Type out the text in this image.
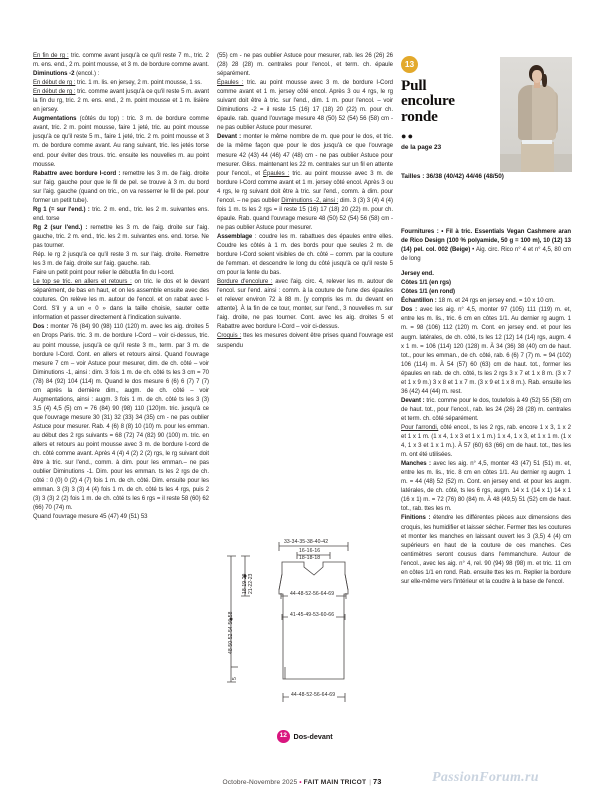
En fin de rg : tric. comme avant jusqu'à ce qu'il reste 7 m., tric. 2 m. ens. end., 2 m. point mousse, et 3 m. de bordure comme avant.

Diminutions -2 (encol.) :

En début de rg : tric. 1 m. lis. en jersey, 2 m. point mousse, 1 ss.

En début de rg : tric. comme avant jusqu'à ce qu'il reste 5 m. avant la fin du rg, tric. 2 m. ens. end., 2 m. point mousse et 1 m. lisière en jersey.

Augmentations (côtés du top) : tric. 3 m. de bordure comme avant, tric. 2 m. point mousse, faire 1 jeté, tric. au point mousse jusqu'à ce qu'il reste 5 m., faire 1 jeté, tric. 2 m. point mousse et 3 m. de bordure comme avant. Au rang suivant, tric. les jetés torse end. pour éviter des trous. tric. ensuite les nouvelles m. au point mousse.

Rabattre avec bordure I-cord : remettre les 3 m. de l'aig. droite sur l'aig. gauche pour que le fil de pel. se trouve à 3 m. du bord sur l'aig. gauche (quand on tric., on va resserrer le fil de pel. pour former un petit tube).

Rg 1 (= sur l'end.) : tric. 2 m. end., tric. les 2 m. suivantes ens. end. torse

Rg 2 (sur l'end.) : remettre les 3 m. de l'aig. droite sur l'aig. gauche, tric. 2 m. end., tric. les 2 m. suivantes ens. end. torse. Ne pas tourner.

Rép. le rg 2 jusqu'à ce qu'il reste 3 m. sur l'aig. droite. Remettre les 3 m. de l'aig. droite sur l'aig. gauche. rab.

Faire un petit point pour relier le début/la fin du I-cord.

Le top se tric. en allers et retours : on tric. le dos et le devant séparément, de bas en haut, et on les assemble ensuite avec des coutures. On relève les m. autour de l'encol. et on rabat avec I-Cord. S'il y a un « 0 » dans la taille choisie, sauter cette information et passer directement à l'indication suivante.

Dos : monter 76 (84) 90 (98) 110 (120) m. avec les aig. droites 5 en Drops Paris. tric. 3 m. de bordure I-Cord – voir ci-dessus, tric. au point mousse, jusqu'à ce qu'il reste 3 m., term. par 3 m. de bordure I-Cord. Cont. en allers et retours ainsi. Quand l'ouvrage mesure 7 cm – voir Astuce pour mesurer, dim. de ch. côté – voir Diminutions -1, ainsi : dim. 3 fois 1 m. de ch. côté ts les 3 cm = 70 (78) 84 (92) 104 (114) m. Quand le dos mesure 6 (6) 6 (7) 7 (7) cm après la dernière dim., augm. de ch. côté – voir Augmentations, ainsi : augm. 3 fois 1 m. de ch. côté ts les 3 (3) 3,5 (4) 4,5 (5) cm = 76 (84) 90 (98) 110 (120)m. tric. jusqu'à ce que l'ouvrage mesure 30 (31) 32 (33) 34 (35) cm - ne pas oublier Astuce pour mesurer. Rab. 4 (6) 8 (8) 10 (10) m. pour les emman. au début des 2 rgs suivants = 68 (72) 74 (82) 90 (100) m. tric. en allers et retours au point mousse avec 3 m. de bordure I-cord de ch. côté comme avant. Après 4 (4) 4 (2) 2 (2) rgs, le rg suivant doit être à tric. sur l'end., comm. à dim. pour les emman.– ne pas oublier Diminutions -1. Dim. pour les emman. ts les 2 rgs de ch. côté : 0 (0) 0 (2) 4 (7) fois 1 m. de ch. côté. Dim. ensuite pour les emman. 3 (3) 3 (3) 4 (4) fois 1 m. de ch. côté ts les 4 rgs, puis 2 (3) 3 (3) 2 (2) fois 1 m. de ch. côté ts les 6 rgs = il reste 58 (60) 62 (66) 70 (74) m.

Quand l'ouvrage mesure 45 (47) 49 (51) 53

(55) cm - ne pas oublier Astuce pour mesurer, rab. les 26 (26) 26 (28) 28 (28) m. centrales pour l'encol., et term. ch. épaule séparément.

Épaules : tric. au point mousse avec 3 m. de bordure I-Cord comme avant et 1 m. jersey côté encol. Après 3 ou 4 rgs, le rg suivant doit être à tric. sur l'end., dim. 1 m. pour l'encol. – voir Diminutions -2 = il reste 15 (16) 17 (18) 20 (22) m. pour ch. épaule. rab. quand l'ouvrage mesure 48 (50) 52 (54) 56 (58) cm - ne pas oublier Astuce pour mesurer.

Devant : monter le même nombre de m. que pour le dos, et tric. de la même façon que pour le dos jusqu'à ce que l'ouvrage mesure 42 (43) 44 (46) 47 (48) cm - ne pas oublier Astuce pour mesurer. Gliss. maintenant les 22 m. centrales sur un fil en attente pour l'encol., et Épaules : tric. au point mousse avec 3 m. de bordure I-Cord comme avant et 1 m. jersey côté encol. Après 3 ou 4 rgs, le rg suivant doit être à tric. sur l'end., comm. à dim. pour l'encol. – ne pas oublier Diminutions -2, ainsi : dim. 3 (3) 3 (4) 4 (4) fois 1 m. ts les 2 rgs = il reste 15 (16) 17 (18) 20 (22) m. pour ch. épaule. Rab. quand l'ouvrage mesure 48 (50) 52 (54) 56 (58) cm - ne pas oublier Astuce pour mesurer.

Assemblage : coudre les m. rabattues des épaules entre elles. Coudre les côtés à 1 m. des bords pour que seules 2 m. de bordure I-Cord soient visibles de ch. côté – comm. par la couture de l'emman. et descendre le long du côté jusqu'à ce qu'il reste 5 cm pour la fente du bas.

Bordure d'encolure : avec l'aig. circ. 4, relever les m. autour de l'encol. sur l'end. ainsi : comm. à la couture de l'une des épaules et relever environ 72 à 88 m. [y compris les m. du devant en attente]. À la fin de ce tour, monter, sur l'end., 3 nouvelles m. sur l'aig. droite, ne pas tourner. Cont. avec les aig. droites 5 et Rabattre avec bordure I-Cord – voir ci-dessus.

Croquis : ttes les mesures doivent être prises quand l'ouvrage est suspendu

13
Pull
encolure
ronde
●●
de la page 23
Tailles : 36/38 (40/42) 44/46 (48/50)

Fournitures : • Fil à tric. Essentials Vegan Cashmere aran de Rico Design (100 % polyamide, 50 g = 100 m), 10 (12) 13 (14) pel. col. 002 (Beige) • Aig. circ. Rico n° 4 et n° 4,5, 80 cm de long

Jersey end.

Côtes 1/1 (en rgs)

Côtes 1/1 (en rond)

Échantillon : 18 m. et 24 rgs en jersey end. = 10 x 10 cm.

Dos : avec les aig. n° 4,5, monter 97 (105) 111 (119) m. et, entre les m. lis., tric. 6 cm en côtes 1/1. Au dernier rg augm. 1 m. = 98 (106) 112 (120) m. Cont. en jersey end. et pour les augm. latérales, de ch. côté, ts les 12 (12) 14 (14) rgs, augm. 4 x 1 m. = 106 (114) 120 (128) m. À 34 (36) 38 (40) cm de haut. tot., pour les emman., de ch. côté, rab. 6 (6) 7 (7) m. = 94 (102) 106 (114) m. À 54 (57) 60 (63) cm de haut. tot., former les épaules en rab. de ch. côté, ts les 2 rgs 3 x 7 et 1 x 8 m. (3 x 7 et 1 x 9 m.) 3 x 8 et 1 x 7 m. (3 x 9 et 1 x 8 m.). Rab. ensuite les 36 (42) 44 (44) m. rest.

Devant : tric. comme pour le dos, toutefois à 49 (52) 55 (58) cm de haut. tot., pour l'encol., rab. les 24 (26) 28 (28) m. centrales et term. ch. côté séparément.

Pour l'arrondi, côté encol., ts les 2 rgs, rab. encore 1 x 3, 1 x 2 et 1 x 1 m. (1 x 4, 1 x 3 et 1 x 1 m.) 1 x 4, 1 x 3, et 1 x 1 m. (1 x 4, 1 x 3 et 1 x 1 m.). À 57 (60) 63 (66) cm de haut. tot., ttes les m. ont été utilisées.

Manches : avec les aig. n° 4,5, monter 43 (47) 51 (51) m. et, entre les m. lis., tric. 8 cm en côtes 1/1. Au dernier rg augm. 1 m. = 44 (48) 52 (52) m. Cont. en jersey end. et pour les augm. latérales, de ch. côté, ts les 6 rgs, augm. 14 x 1 (14 x 1) 14 x 1 (16 x 1) m. = 72 (76) 80 (84) m. À 48 (49,5) 51 (52) cm de haut. tot., rab. ttes les m.

Finitions : étendre les différentes pièces aux dimensions des croquis, les humidifier et laisser sécher. Fermer ttes les coutures et monter les manches en laissant ouvert les 3 (3,5) 4 (4) cm supérieurs en haut de la couture de ces manches. Ces centimètres seront cousus dans l'emmanchure. Autour de l'encol., avec les aig. n° 4, rel. 90 (94) 98 (98) m. et tric. 11 cm en côtes 1/1 en rond. Rab. ensuite ttes les m. Replier la bordure sur elle-même vers l'intérieur et la coudre à la base de l'encol.

33-34-35-38-40-42
16-16-16
18-18-18
44-48-52-56-64-69
41-45-49-53-60-66
44-48-52-56-64-69
48-50-52-54-56-58
18-19-20 21-22-23
5
12 Dos-devant
Octobre-Novembre 2025 • FAIT MAIN TRICOT | 73	PassionForum.ru
